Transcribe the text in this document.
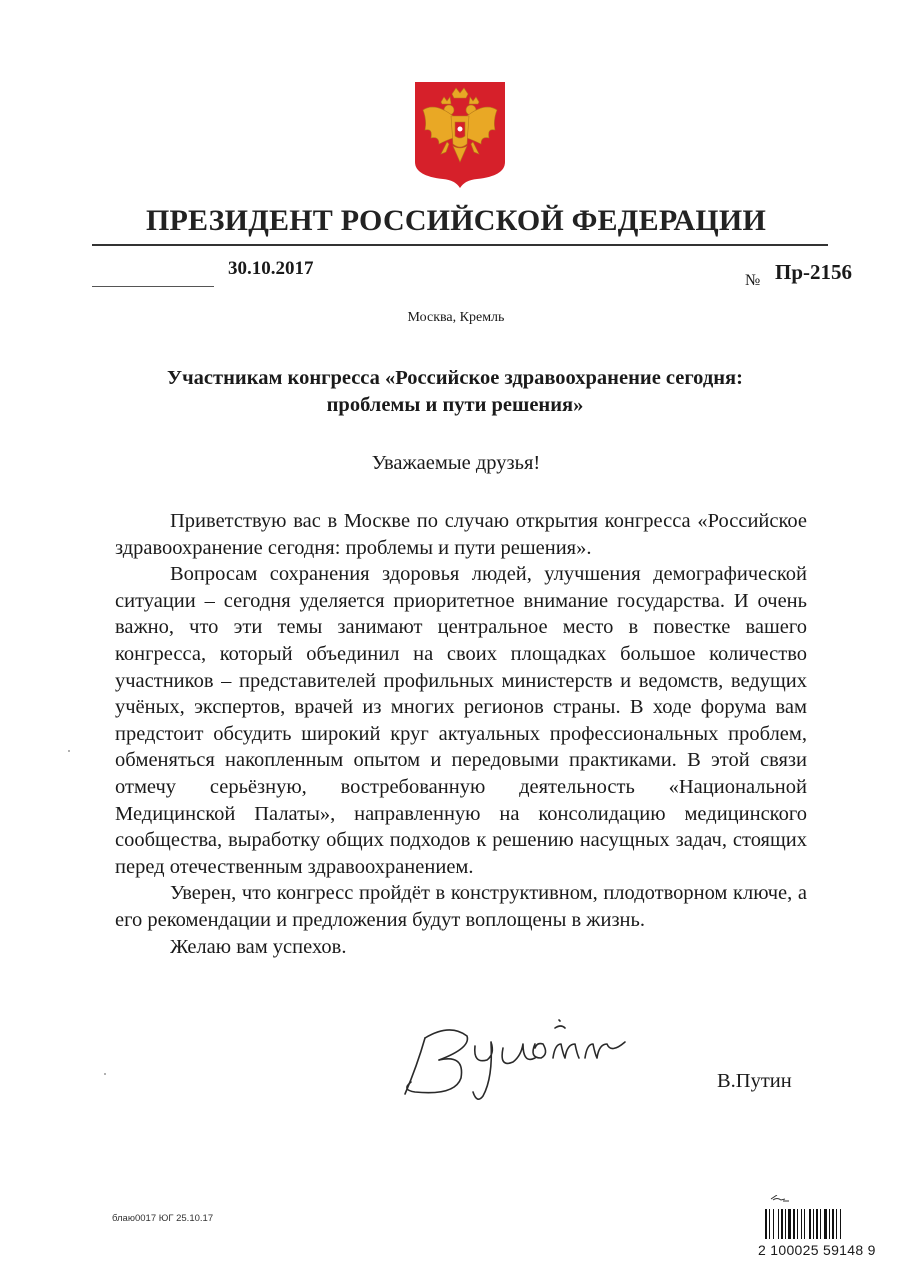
ПРЕЗИДЕНТ РОССИЙСКОЙ ФЕДЕРАЦИИ
30.10.2017
№ Пр-2156
Москва, Кремль
Участникам конгресса «Российское здравоохранение сегодня:
проблемы и пути решения»
Уважаемые друзья!

Приветствую вас в Москве по случаю открытия конгресса «Российское здравоохранение сегодня: проблемы и пути решения».

Вопросам сохранения здоровья людей, улучшения демографической ситуации – сегодня уделяется приоритетное внимание государства. И очень важно, что эти темы занимают центральное место в повестке вашего конгресса, который объединил на своих площадках большое количество участников – представителей профильных министерств и ведомств, ведущих учёных, экспертов, врачей из многих регионов страны. В ходе форума вам предстоит обсудить широкий круг актуальных профессиональных проблем, обменяться накопленным опытом и передовыми практиками. В этой связи отмечу серьёзную, востребованную деятельность «Национальной Медицинской Палаты», направленную на консолидацию медицинского сообщества, выработку общих подходов к решению насущных задач, стоящих перед отечественным здравоохранением.

Уверен, что конгресс пройдёт в конструктивном, плодотворном ключе, а его рекомендации и предложения будут воплощены в жизнь.

Желаю вам успехов.

В.Путин
блаю0017 ЮГ 25.10.17
2 100025 59148 9
